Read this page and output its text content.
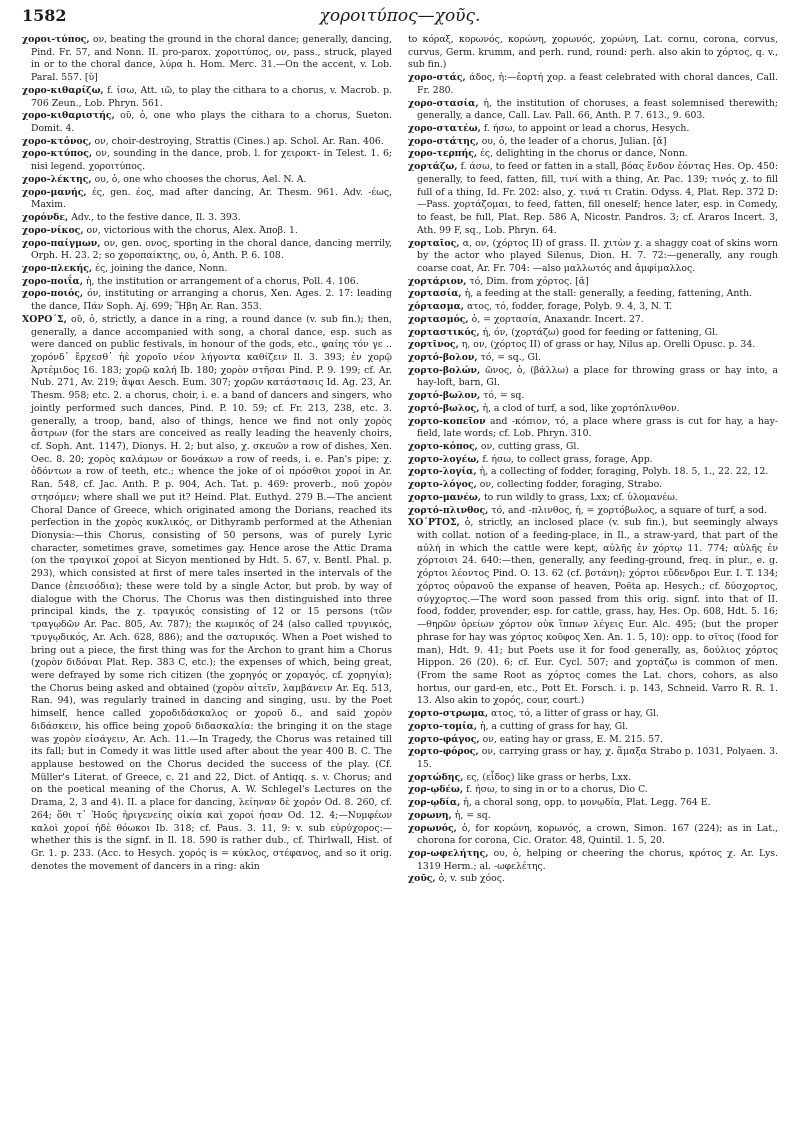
1582	χοροιτύπος—χοῦς.

χοροι-τύπος, ον, beating the ground in the choral dance; generally, dancing, Pind. Fr. 57, and Nonn. II. pro-parox. χοροιτύπος, ον, pass., struck, played in or to the choral dance, λύρα h. Hom. Merc. 31.—On the accent, v. Lob. Paral. 557. [ῠ]

χορο-κιθαρίζω, f. ίσω, Att. ιῶ, to play the cithara to a chorus, v. Macrob. p. 706 Zeun., Lob. Phryn. 561.

χορο-κιθαριστής, οῦ, ὁ, one who plays the cithara to a chorus, Sueton. Domit. 4.

χορο-κτόνος, ον, choir-destroying, Strattis (Cines.) ap. Schol. Ar. Ran. 406.

χορο-κτύπος, ον, sounding in the dance, prob. l. for χειροκτ- in Telest. 1. 6; nisi legend. χοροιτύπος.

χορο-λέκτης, ου, ὁ, one who chooses the chorus, Ael. N. A.

χορο-μανής, ές, gen. έος, mad after dancing, Ar. Thesm. 961. Adv. -έως, Maxim.

χορόνδε, Adv., to the festive dance, Il. 3. 393.

χορο-νίκος, ον, victorious with the chorus, Alex. Ἀποβ. 1.

χορο-παίγμων, ον, gen. ονος, sporting in the choral dance, dancing merrily, Orph. H. 23. 2; so χοροπαίκτης, ου, ὁ, Anth. P. 6. 108.

χορο-πλεκής, ές, joining the dance, Nonn.

χορο-ποιΐα, ἡ, the institution or arrangement of a chorus, Poll. 4. 106.

χορο-ποιός, όν, instituting or arranging a chorus, Xen. Ages. 2. 17: leading the dance, Πάν Soph. Aj. 699; Ἥβη Ar. Ran. 353.

ΧΟΡΟ´Σ, οῦ, ὁ, strictly, a dance in a ring, a round dance (v. sub fin.); then, generally, a dance accompanied with song, a choral dance, esp. such as were danced on public festivals, in honour of the gods, etc., φαίης τόν γε .. χορόνδ᾽ ἔρχεσθ᾽ ἠὲ χοροῖο νέον λήγοντα καθίζειν Il. 3. 393; ἐν χορῷ Ἀρτέμιδος 16. 183; χορῷ καλή Ib. 180; χορὸν στῆσαι Pind. P. 9. 199; cf. Ar. Nub. 271, Av. 219; ἅψαι Aesch. Eum. 307; χορῶν κατάστασις Id. Ag. 23, Ar. Thesm. 958; etc. 2. a chorus, choir, i. e. a band of dancers and singers, who jointly performed such dances, Pind. P. 10. 59; cf. Fr. 213, 238, etc. 3. generally, a troop, band, also of things, hence we find not only χορὸς ἄστρων (for the stars are conceived as really leading the heavenly choirs, cf. Soph. Ant. 1147), Dionys. H. 2; but also, χ. σκευῶν a row of dishes, Xen. Oec. 8. 20; χορὸς καλάμων or δονάκων a row of reeds, i. e. Pan's pipe; χ. ὀδόντων a row of teeth, etc.; whence the joke of οἱ πρόσθιοι χοροί in Ar. Ran. 548, cf. Jac. Anth. P. p. 904, Ach. Tat. p. 469: proverb., ποῦ χορὸν στησόμεν; where shall we put it? Heind. Plat. Euthyd. 279 B.—The ancient Choral Dance of Greece, which originated among the Dorians, reached its perfection in the χορὸς κυκλικός, or Dithyramb performed at the Athenian Dionysia:—this Chorus, consisting of 50 persons, was of purely Lyric character, sometimes grave, sometimes gay. Hence arose the Attic Drama (on the τραγικοί χοροί at Sicyon mentioned by Hdt. 5. 67, v. Bentl. Phal. p. 293), which consisted at first of mere tales inserted in the intervals of the Dance (ἐπεισόδια); these were told by a single Actor, but prob. by way of dialogue with the Chorus. The Chorus was then distinguished into three principal kinds, the χ. τραγικός consisting of 12 or 15 persons (τῶν τραγῳδῶν Ar. Pac. 805, Av. 787); the κωμικός of 24 (also called τρυγικός, τρυγῳδικός, Ar. Ach. 628, 886); and the σατυρικός. When a Poet wished to bring out a piece, the first thing was for the Archon to grant him a Chorus (χορὸν διδόναι Plat. Rep. 383 C, etc.); the expenses of which, being great, were defrayed by some rich citizen (the χορηγός or χοραγός, cf. χορηγία); the Chorus being asked and obtained (χορὸν αἰτεῖν, λαμβάνειν Ar. Eq. 513, Ran. 94), was regularly trained in dancing and singing, usu. by the Poet himself, hence called χοροδιδάσκαλος or χοροῦ δ., and said χορὸν διδάσκειν, his office being χοροῦ διδασκαλία: the bringing it on the stage was χορὸν εἰσάγειν, Ar. Ach. 11.—In Tragedy, the Chorus was retained till its fall; but in Comedy it was little used after about the year 400 B. C. The applause bestowed on the Chorus decided the success of the play. (Cf. Müller's Literat. of Greece, c. 21 and 22, Dict. of Antiqq. s. v. Chorus; and on the poetical meaning of the Chorus, A. W. Schlegel's Lectures on the Drama, 2, 3 and 4). II. a place for dancing, λείηναν δὲ χορόν Od. 8. 260, cf. 264; ὅθι τ᾽ Ἠοῦς ἠριγενείης οἰκία καὶ χοροί ἠσαν Od. 12. 4;—Νυμφέων καλοὶ χοροί ἠδὲ θόωκοι Ib. 318; cf. Paus. 3. 11, 9: v. sub εὐρύχορος:—whether this is the signf. in Il. 18. 590 is rather dub., cf. Thirlwall, Hist. of Gr. 1. p. 233. (Acc. to Hesych. χορός is = κύκλος, στέφανος, and so it orig. denotes the movement of dancers in a ring: akin

to κόραξ, κορωνός, κορώνη, χορωνός, χορώνη, Lat. cornu, corona, corvus, curvus, Germ. krumm, and perh. rund, round: perh. also akin to χόρτος, q. v., sub fin.)

χορο-στάς, άδος, ἡ:—ἑορτή χορ. a feast celebrated with choral dances, Call. Fr. 280.

χορο-στασία, ἡ, the institution of choruses, a feast solemnised therewith; generally, a dance, Call. Lav. Pall. 66, Anth. P. 7. 613., 9. 603.

χορο-στατέω, f. ήσω, to appoint or lead a chorus, Hesych.

χορο-στάτης, ου, ὁ, the leader of a chorus, Julian. [ᾰ]

χορο-τερπής, ές, delighting in the chorus or dance, Nonn.

χορτάζω, f. άσω, to feed or fatten in a stall, βόας ἔνδον ἐόντας Hes. Op. 450: generally, to feed, fatten, fill, τινί with a thing, Ar. Pac. 139; τινός χ. to fill full of a thing, Id. Fr. 202: also, χ. τινά τι Cratin. Odyss. 4, Plat. Rep. 372 D:—Pass. χορτάζομαι, to feed, fatten, fill oneself; hence later, esp. in Comedy, to feast, be full, Plat. Rep. 586 A, Nicostr. Pandros. 3; cf. Araros Incert. 3, Ath. 99 F, sq., Lob. Phryn. 64.

χορταῖος, α, ον, (χόρτος II) of grass. II. χιτὼν χ. a shaggy coat of skins worn by the actor who played Silenus, Dion. H. 7. 72:—generally, any rough coarse coat, Ar. Fr. 704: —also μαλλωτός and ἀμφίμαλλος.

χορτάριον, τό, Dim. from χόρτος. [ᾰ]

χορτασία, ἡ, a feeding at the stall: generally, a feeding, fattening, Anth.

χόρτασμα, ατος, τό, fodder, forage, Polyb. 9. 4, 3, N. T.

χορτασμός, ὁ, = χορτασία, Anaxandr. Incert. 27.

χορταστικός, ή, όν, (χορτάζω) good for feeding or fattening, Gl.

χορτῖνος, η, ον, (χόρτος II) of grass or hay, Nilus ap. Orelli Opusc. p. 34.

χορτό-βολον, τό, = sq., Gl.

χορτο-βολών, ῶνος, ὁ, (βάλλω) a place for throwing grass or hay into, a hay-loft, barn, Gl.

χορτό-βωλον, τό, = sq.

χορτό-βωλος, ἡ, a clod of turf, a sod, like χορτόπλινθον.

χορτο-κοπεῖον and -κόπιον, τό, a place where grass is cut for hay, a hay-field, late words; cf. Lob. Phryn. 310.

χορτο-κόπος, ον, cutting grass, Gl.

χορτο-λογέω, f. ήσω, to collect grass, forage, App.

χορτο-λογία, ἡ, a collecting of fodder, foraging, Polyb. 18. 5, 1., 22. 22, 12.

χορτο-λόγος, ον, collecting fodder, foraging, Strabo.

χορτο-μανέω, to run wildly to grass, Lxx; cf. ὑλομανέω.

χορτό-πλινθος, τό, and -πλινθος, ἡ, = χορτόβωλος, a square of turf, a sod.

ΧΟ´ΡΤΟΣ, ὁ, strictly, an inclosed place (v. sub fin.), but seemingly always with collat. notion of a feeding-place, in Il., a straw-yard, that part of the αὐλή in which the cattle were kept, αὐλῆς ἐν χόρτῳ 11. 774; αὐλῆς ἐν χόρτοισι 24. 640:—then, generally, any feeding-ground, freq. in plur., e. g. χόρτοι λέοντος Pind. O. 13. 62 (cf. βοτάνη); χόρτοι εὔδενδροι Eur. I. T. 134; χόρτος οὐρανοῦ the expanse of heaven, Poëta ap. Hesych.; cf. δύσχορτος, σύγχορτος.—The word soon passed from this orig. signf. into that of II. food, fodder, provender, esp. for cattle, grass, hay, Hes. Op. 608, Hdt. 5. 16;—θηρῶν ὀρείων χόρτον οὐκ ἵππων λέγεις Eur. Alc. 495; (but the proper phrase for hay was χόρτος κοῦφος Xen. An. 1. 5, 10): opp. to σῖτος (food for man), Hdt. 9. 41; but Poets use it for food generally, as, δούλιος χόρτος Hippon. 26 (20). 6; cf. Eur. Cycl. 507; and χορτάζω is common of men. (From the same Root as χόρτος comes the Lat. chors, cohors, as also hortus, our gard-en, etc., Pott Et. Forsch. i. p. 143, Schneid. Varro R. R. 1. 13. Also akin to χορός, cour, court.)

χορτο-στρωμα, ατος, τό, a litter of grass or hay, Gl.

χορτο-τομία, ἡ, a cutting of grass for hay, Gl.

χορτο-φάγος, ον, eating hay or grass, E. M. 215. 57.

χορτο-φόρος, ον, carrying grass or hay, χ. ἅμαξα Strabo p. 1031, Polyaen. 3. 15.

χορτώδης, ες, (εἶδος) like grass or herbs, Lxx.

χορ-ῳδέω, f. ήσω, to sing in or to a chorus, Dio C.

χορ-ῳδία, ἡ, a choral song, opp. to μονῳδία, Plat. Legg. 764 E.

χορωνη, ἡ, = sq.

χορωνός, ὁ, for κορώνη, κορωνός, a crown, Simon. 167 (224); as in Lat., chorona for corona, Cic. Orator. 48, Quintil. 1. 5, 20.

χορ-ωφελήτης, ου, ὁ, helping or cheering the chorus, κρότος χ. Ar. Lys. 1319 Herm.; al. -ωφελέτης.

χοῦς, ὁ, v. sub χόος.
